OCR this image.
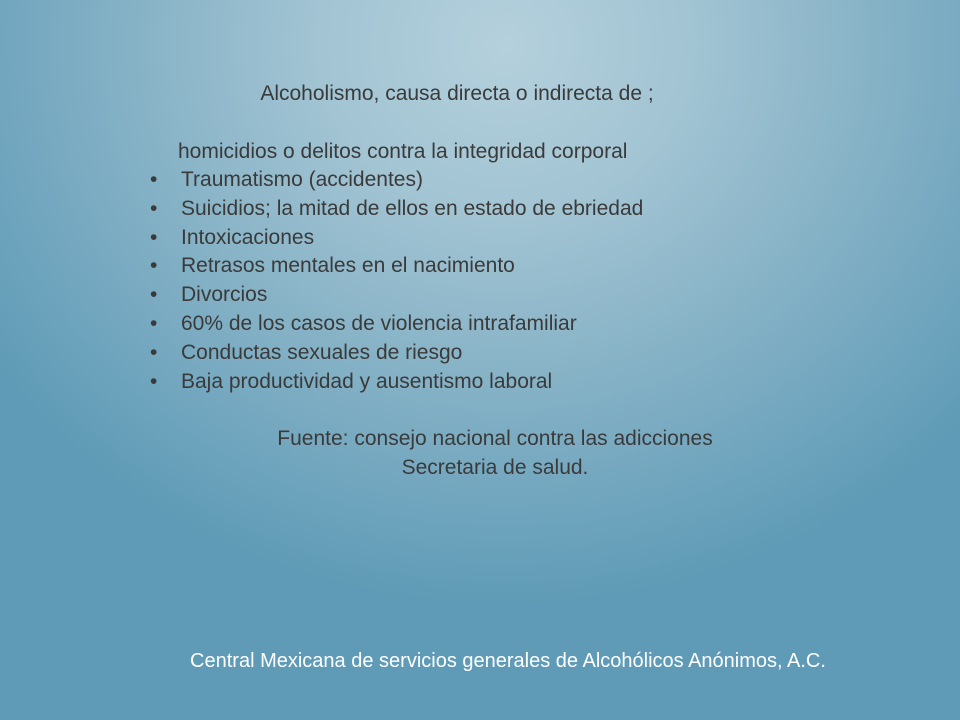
Alcoholismo, causa directa o indirecta de ;
homicidios o delitos contra la integridad corporal
•	Traumatismo (accidentes)
•	Suicidios; la mitad de ellos en estado de ebriedad
•	Intoxicaciones
•	Retrasos mentales en el nacimiento
•	Divorcios
•	60% de los casos de violencia intrafamiliar
•	Conductas sexuales de riesgo
•	Baja productividad y ausentismo laboral
Fuente: consejo nacional contra las adicciones
Secretaria de salud.
Central Mexicana de servicios generales de Alcohólicos Anónimos, A.C.
